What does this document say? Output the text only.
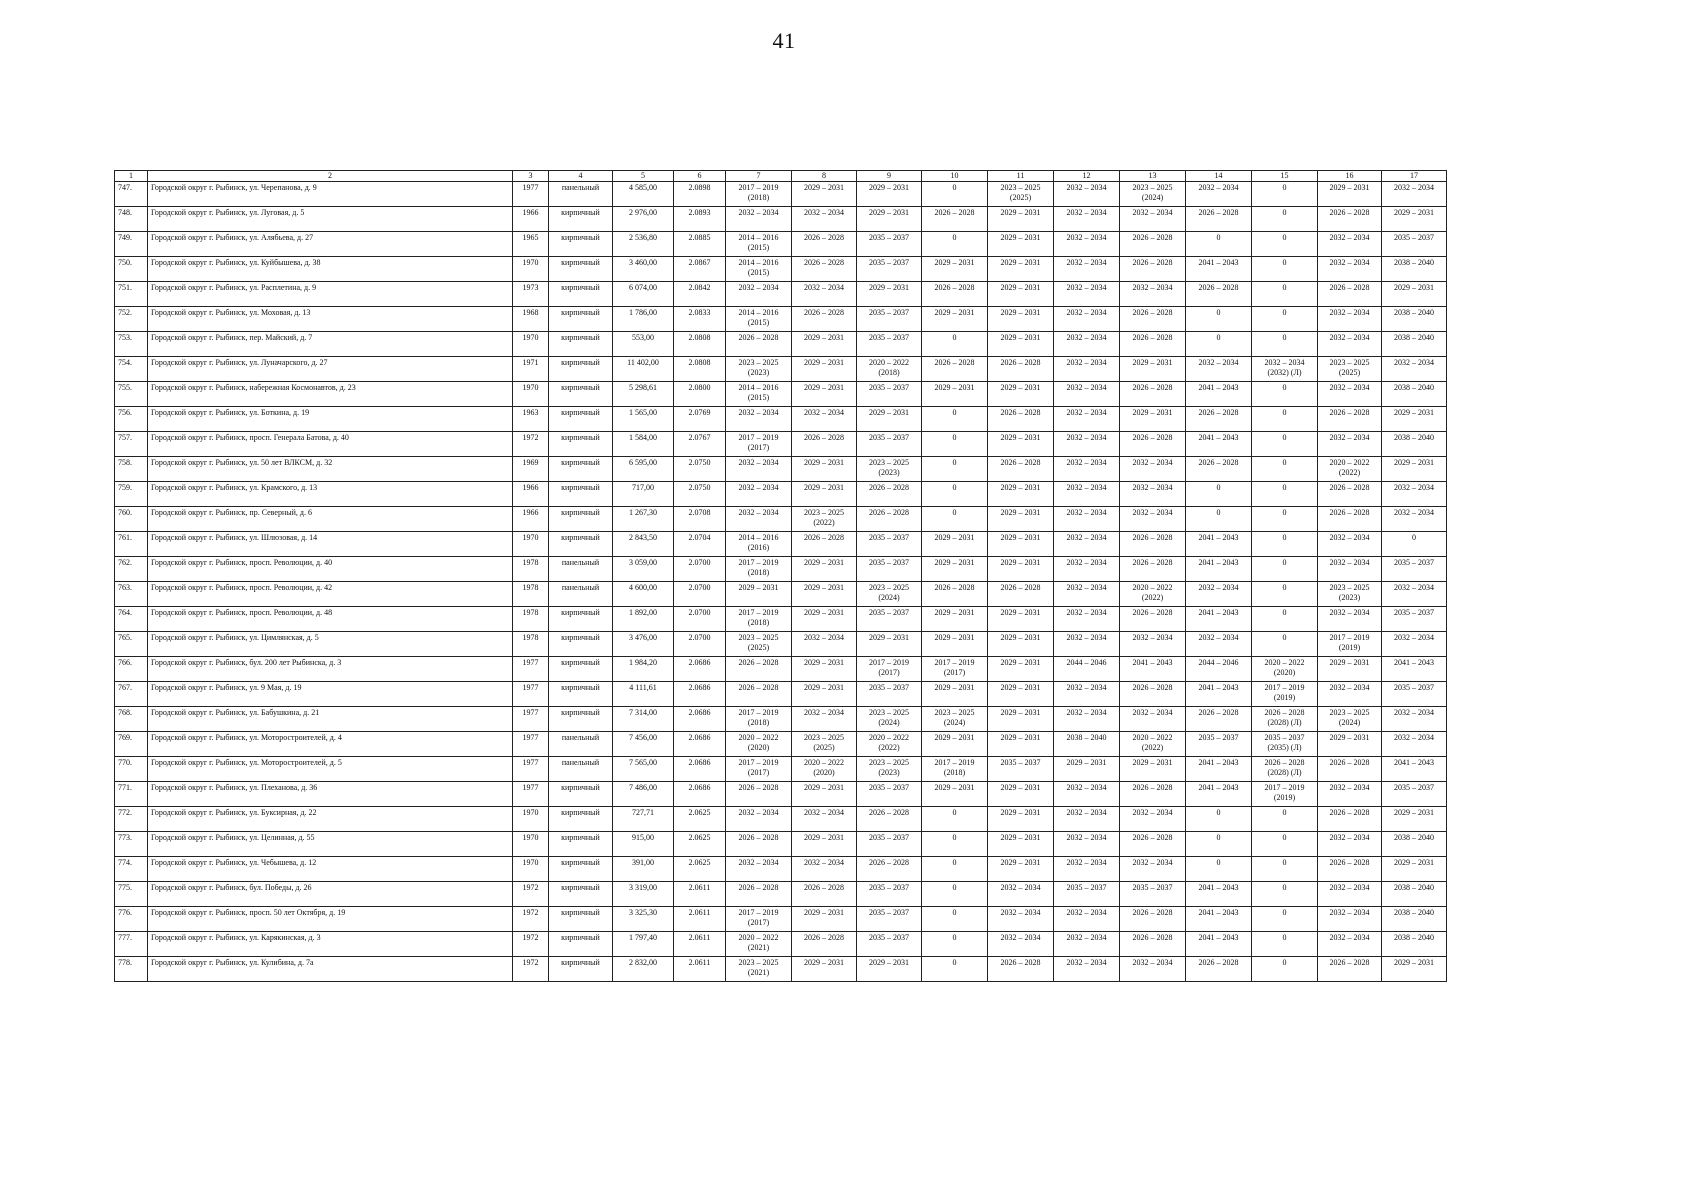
41
1	2	3	4	5	6	7	8	9	10	11	12	13	14	15	16	17
747.	Городской округ г. Рыбинск, ул. Черепанова, д. 9	1977	панельный	4 585,00	2.0898	2017 – 2019
(2018)	2029 – 2031	2029 – 2031	0	2023 – 2025
(2025)	2032 – 2034	2023 – 2025
(2024)	2032 – 2034	0	2029 – 2031	2032 – 2034
748.	Городской округ г. Рыбинск, ул. Луговая, д. 5	1966	кирпичный	2 976,00	2.0893	2032 – 2034	2032 – 2034	2029 – 2031	2026 – 2028	2029 – 2031	2032 – 2034	2032 – 2034	2026 – 2028	0	2026 – 2028	2029 – 2031
749.	Городской округ г. Рыбинск, ул. Алябьева, д. 27	1965	кирпичный	2 536,80	2.0885	2014 – 2016
(2015)	2026 – 2028	2035 – 2037	0	2029 – 2031	2032 – 2034	2026 – 2028	0	0	2032 – 2034	2035 – 2037
750.	Городской округ г. Рыбинск, ул. Куйбышева, д. 38	1970	кирпичный	3 460,00	2.0867	2014 – 2016
(2015)	2026 – 2028	2035 – 2037	2029 – 2031	2029 – 2031	2032 – 2034	2026 – 2028	2041 – 2043	0	2032 – 2034	2038 – 2040
751.	Городской округ г. Рыбинск, ул. Расплетина, д. 9	1973	кирпичный	6 074,00	2.0842	2032 – 2034	2032 – 2034	2029 – 2031	2026 – 2028	2029 – 2031	2032 – 2034	2032 – 2034	2026 – 2028	0	2026 – 2028	2029 – 2031
752.	Городской округ г. Рыбинск, ул. Моховая, д. 13	1968	кирпичный	1 786,00	2.0833	2014 – 2016
(2015)	2026 – 2028	2035 – 2037	2029 – 2031	2029 – 2031	2032 – 2034	2026 – 2028	0	0	2032 – 2034	2038 – 2040
753.	Городской округ г. Рыбинск, пер. Майский, д. 7	1970	кирпичный	553,00	2.0808	2026 – 2028	2029 – 2031	2035 – 2037	0	2029 – 2031	2032 – 2034	2026 – 2028	0	0	2032 – 2034	2038 – 2040
754.	Городской округ г. Рыбинск, ул. Луначарского, д. 27	1971	кирпичный	11 402,00	2.0808	2023 – 2025
(2023)	2029 – 2031	2020 – 2022
(2018)	2026 – 2028	2026 – 2028	2032 – 2034	2029 – 2031	2032 – 2034	2032 – 2034
(2032) (Л)	2023 – 2025
(2025)	2032 – 2034
755.	Городской округ г. Рыбинск, набережная Космонавтов, д. 23	1970	кирпичный	5 298,61	2.0800	2014 – 2016
(2015)	2029 – 2031	2035 – 2037	2029 – 2031	2029 – 2031	2032 – 2034	2026 – 2028	2041 – 2043	0	2032 – 2034	2038 – 2040
756.	Городской округ г. Рыбинск, ул. Боткина, д. 19	1963	кирпичный	1 565,00	2.0769	2032 – 2034	2032 – 2034	2029 – 2031	0	2026 – 2028	2032 – 2034	2029 – 2031	2026 – 2028	0	2026 – 2028	2029 – 2031
757.	Городской округ г. Рыбинск, просп. Генерала Батова, д. 40	1972	кирпичный	1 584,00	2.0767	2017 – 2019
(2017)	2026 – 2028	2035 – 2037	0	2029 – 2031	2032 – 2034	2026 – 2028	2041 – 2043	0	2032 – 2034	2038 – 2040
758.	Городской округ г. Рыбинск, ул. 50 лет ВЛКСМ, д. 32	1969	кирпичный	6 595,00	2.0750	2032 – 2034	2029 – 2031	2023 – 2025
(2023)	0	2026 – 2028	2032 – 2034	2032 – 2034	2026 – 2028	0	2020 – 2022
(2022)	2029 – 2031
759.	Городской округ г. Рыбинск, ул. Крамского, д. 13	1966	кирпичный	717,00	2.0750	2032 – 2034	2029 – 2031	2026 – 2028	0	2029 – 2031	2032 – 2034	2032 – 2034	0	0	2026 – 2028	2032 – 2034
760.	Городской округ г. Рыбинск, пр. Северный, д. 6	1966	кирпичный	1 267,30	2.0708	2032 – 2034	2023 – 2025
(2022)	2026 – 2028	0	2029 – 2031	2032 – 2034	2032 – 2034	0	0	2026 – 2028	2032 – 2034
761.	Городской округ г. Рыбинск, ул. Шлюзовая, д. 14	1970	кирпичный	2 843,50	2.0704	2014 – 2016
(2016)	2026 – 2028	2035 – 2037	2029 – 2031	2029 – 2031	2032 – 2034	2026 – 2028	2041 – 2043	0	2032 – 2034	0
762.	Городской округ г. Рыбинск, просп. Революции, д. 40	1978	панельный	3 059,00	2.0700	2017 – 2019
(2018)	2029 – 2031	2035 – 2037	2029 – 2031	2029 – 2031	2032 – 2034	2026 – 2028	2041 – 2043	0	2032 – 2034	2035 – 2037
763.	Городской округ г. Рыбинск, просп. Революции, д. 42	1978	панельный	4 600,00	2.0700	2029 – 2031	2029 – 2031	2023 – 2025
(2024)	2026 – 2028	2026 – 2028	2032 – 2034	2020 – 2022
(2022)	2032 – 2034	0	2023 – 2025
(2023)	2032 – 2034
764.	Городской округ г. Рыбинск, просп. Революции, д. 48	1978	кирпичный	1 892,00	2.0700	2017 – 2019
(2018)	2029 – 2031	2035 – 2037	2029 – 2031	2029 – 2031	2032 – 2034	2026 – 2028	2041 – 2043	0	2032 – 2034	2035 – 2037
765.	Городской округ г. Рыбинск, ул. Цимлянская, д. 5	1978	кирпичный	3 476,00	2.0700	2023 – 2025
(2025)	2032 – 2034	2029 – 2031	2029 – 2031	2029 – 2031	2032 – 2034	2032 – 2034	2032 – 2034	0	2017 – 2019
(2019)	2032 – 2034
766.	Городской округ г. Рыбинск, бул. 200 лет Рыбинска, д. 3	1977	кирпичный	1 984,20	2.0686	2026 – 2028	2029 – 2031	2017 – 2019
(2017)	2017 – 2019
(2017)	2029 – 2031	2044 – 2046	2041 – 2043	2044 – 2046	2020 – 2022
(2020)	2029 – 2031	2041 – 2043
767.	Городской округ г. Рыбинск, ул. 9 Мая, д. 19	1977	кирпичный	4 111,61	2.0686	2026 – 2028	2029 – 2031	2035 – 2037	2029 – 2031	2029 – 2031	2032 – 2034	2026 – 2028	2041 – 2043	2017 – 2019
(2019)	2032 – 2034	2035 – 2037
768.	Городской округ г. Рыбинск, ул. Бабушкина, д. 21	1977	кирпичный	7 314,00	2.0686	2017 – 2019
(2018)	2032 – 2034	2023 – 2025
(2024)	2023 – 2025
(2024)	2029 – 2031	2032 – 2034	2032 – 2034	2026 – 2028	2026 – 2028
(2028) (Л)	2023 – 2025
(2024)	2032 – 2034
769.	Городской округ г. Рыбинск, ул. Моторостроителей, д. 4	1977	панельный	7 456,00	2.0686	2020 – 2022
(2020)	2023 – 2025
(2025)	2020 – 2022
(2022)	2029 – 2031	2029 – 2031	2038 – 2040	2020 – 2022
(2022)	2035 – 2037	2035 – 2037
(2035) (Л)	2029 – 2031	2032 – 2034
770.	Городской округ г. Рыбинск, ул. Моторостроителей, д. 5	1977	панельный	7 565,00	2.0686	2017 – 2019
(2017)	2020 – 2022
(2020)	2023 – 2025
(2023)	2017 – 2019
(2018)	2035 – 2037	2029 – 2031	2029 – 2031	2041 – 2043	2026 – 2028
(2028) (Л)	2026 – 2028	2041 – 2043
771.	Городской округ г. Рыбинск, ул. Плеханова, д. 36	1977	кирпичный	7 486,00	2.0686	2026 – 2028	2029 – 2031	2035 – 2037	2029 – 2031	2029 – 2031	2032 – 2034	2026 – 2028	2041 – 2043	2017 – 2019
(2019)	2032 – 2034	2035 – 2037
772.	Городской округ г. Рыбинск, ул. Буксирная, д. 22	1970	кирпичный	727,71	2.0625	2032 – 2034	2032 – 2034	2026 – 2028	0	2029 – 2031	2032 – 2034	2032 – 2034	0	0	2026 – 2028	2029 – 2031
773.	Городской округ г. Рыбинск, ул. Целинная, д. 55	1970	кирпичный	915,00	2.0625	2026 – 2028	2029 – 2031	2035 – 2037	0	2029 – 2031	2032 – 2034	2026 – 2028	0	0	2032 – 2034	2038 – 2040
774.	Городской округ г. Рыбинск, ул. Чебышева, д. 12	1970	кирпичный	391,00	2.0625	2032 – 2034	2032 – 2034	2026 – 2028	0	2029 – 2031	2032 – 2034	2032 – 2034	0	0	2026 – 2028	2029 – 2031
775.	Городской округ г. Рыбинск, бул. Победы, д. 26	1972	кирпичный	3 319,00	2.0611	2026 – 2028	2026 – 2028	2035 – 2037	0	2032 – 2034	2035 – 2037	2035 – 2037	2041 – 2043	0	2032 – 2034	2038 – 2040
776.	Городской округ г. Рыбинск, просп. 50 лет Октября, д. 19	1972	кирпичный	3 325,30	2.0611	2017 – 2019
(2017)	2029 – 2031	2035 – 2037	0	2032 – 2034	2032 – 2034	2026 – 2028	2041 – 2043	0	2032 – 2034	2038 – 2040
777.	Городской округ г. Рыбинск, ул. Карякинская, д. 3	1972	кирпичный	1 797,40	2.0611	2020 – 2022
(2021)	2026 – 2028	2035 – 2037	0	2032 – 2034	2032 – 2034	2026 – 2028	2041 – 2043	0	2032 – 2034	2038 – 2040
778.	Городской округ г. Рыбинск, ул. Кулибина, д. 7а	1972	кирпичный	2 832,00	2.0611	2023 – 2025
(2021)	2029 – 2031	2029 – 2031	0	2026 – 2028	2032 – 2034	2032 – 2034	2026 – 2028	0	2026 – 2028	2029 – 2031
